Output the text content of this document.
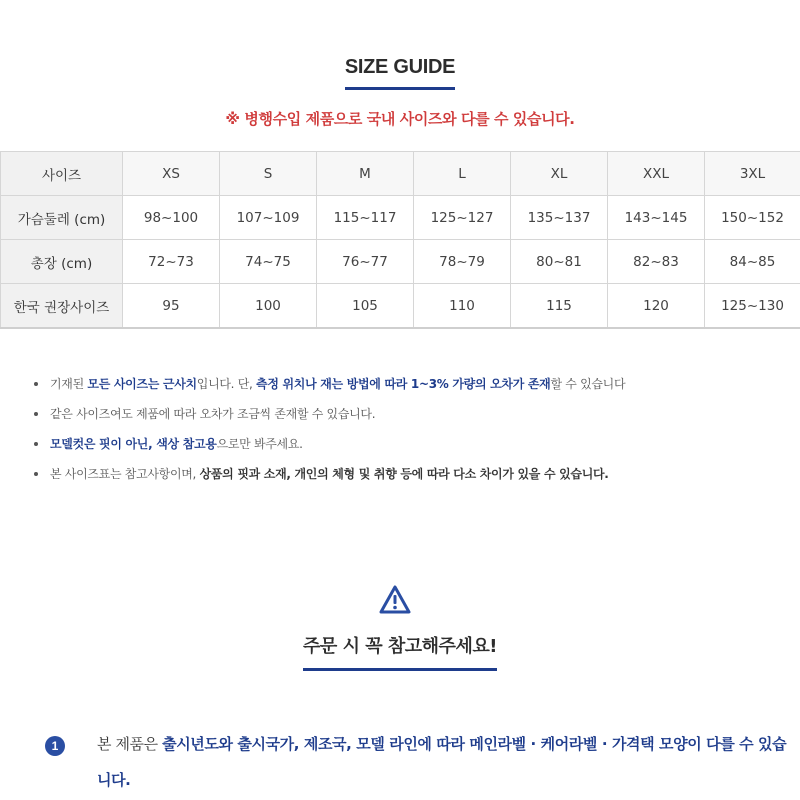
SIZE GUIDE
※ 병행수입 제품으로 국내 사이즈와 다를 수 있습니다.
사이즈	XS	S	M	L	XL	XXL	3XL
가슴둘레 (cm)	98~100	107~109	115~117	125~127	135~137	143~145	150~152
총장 (cm)	72~73	74~75	76~77	78~79	80~81	82~83	84~85
한국 권장사이즈	95	100	105	110	115	120	125~130
기재된 모든 사이즈는 근사치입니다. 단, 측정 위치나 재는 방법에 따라 1~3% 가량의 오차가 존재할 수 있습니다
같은 사이즈여도 제품에 따라 오차가 조금씩 존재할 수 있습니다.
모델컷은 핏이 아닌, 색상 참고용으로만 봐주세요.
본 사이즈표는 참고사항이며, 상품의 핏과 소재, 개인의 체형 및 취향 등에 따라 다소 차이가 있을 수 있습니다.
주문 시 꼭 참고해주세요!
1	본 제품은 출시년도와 출시국가, 제조국, 모델 라인에 따라 메인라벨 · 케어라벨 · 가격택 모양이 다를 수 있습니다.
